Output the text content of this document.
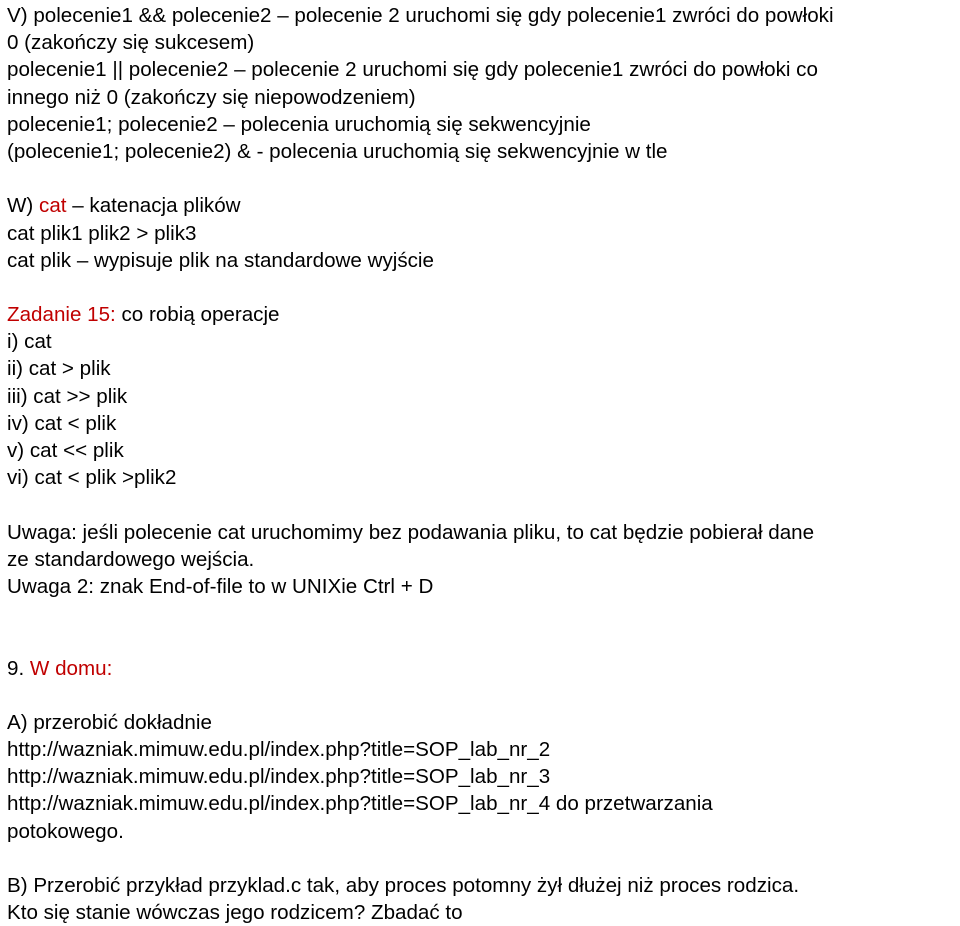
V) polecenie1 && polecenie2 – polecenie 2 uruchomi się gdy polecenie1 zwróci do powłoki
0 (zakończy się sukcesem)
polecenie1 || polecenie2 – polecenie 2 uruchomi się gdy polecenie1 zwróci do powłoki co
innego niż 0 (zakończy się niepowodzeniem)
polecenie1; polecenie2 – polecenia uruchomią się sekwencyjnie
(polecenie1; polecenie2) & - polecenia uruchomią się sekwencyjnie w tle
W) cat – katenacja plików
cat plik1 plik2 > plik3
cat plik – wypisuje plik na standardowe wyjście
Zadanie 15: co robią operacje
i) cat
ii) cat > plik
iii) cat >> plik
iv) cat < plik
v) cat << plik
vi) cat < plik >plik2
Uwaga: jeśli polecenie cat uruchomimy bez podawania pliku, to cat będzie pobierał dane
ze standardowego wejścia.
Uwaga 2: znak End-of-file to w UNIXie Ctrl + D
9. W domu:
A) przerobić dokładnie
http://wazniak.mimuw.edu.pl/index.php?title=SOP_lab_nr_2
http://wazniak.mimuw.edu.pl/index.php?title=SOP_lab_nr_3
http://wazniak.mimuw.edu.pl/index.php?title=SOP_lab_nr_4 do przetwarzania
potokowego.
B) Przerobić przykład przyklad.c tak, aby proces potomny żył dłużej niż proces rodzica.
Kto się stanie wówczas jego rodzicem? Zbadać to
